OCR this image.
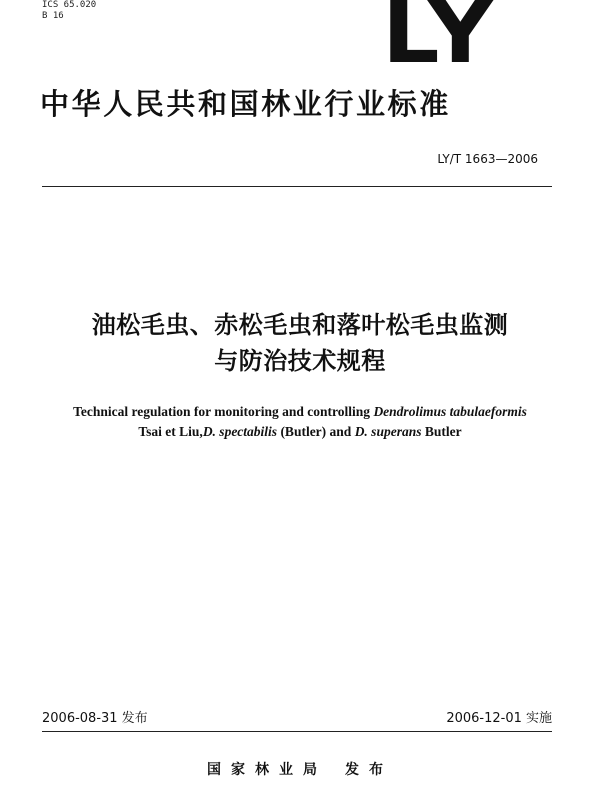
ICS 65.020
B 16	LY
中华人民共和国林业行业标准
LY/T 1663—2006
油松毛虫、赤松毛虫和落叶松毛虫监测
与防治技术规程
Technical regulation for monitoring and controlling Dendrolimus tabulaeformis
Tsai et Liu,D. spectabilis (Butler) and D. superans Butler
2006-08-31 发布	2006-12-01 实施
国家林业局 发布
